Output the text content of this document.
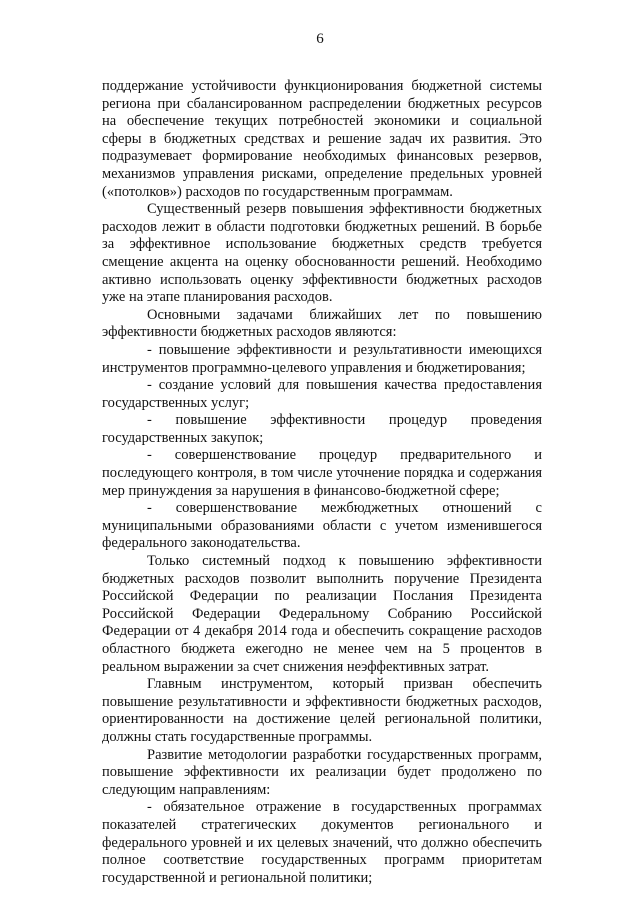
6

поддержание устойчивости функционирования бюджетной системы региона при сбалансированном распределении бюджетных ресурсов на обеспечение текущих потребностей экономики и социальной сферы в бюджетных средствах и решение задач их развития. Это подразумевает формирование необходимых финансовых резервов, механизмов управления рисками, определение предельных уровней («потолков») расходов по государственным программам.

Существенный резерв повышения эффективности бюджетных расходов лежит в области подготовки бюджетных решений. В борьбе за эффективное использование бюджетных средств требуется смещение акцента на оценку обоснованности решений. Необходимо активно использовать оценку эффективности бюджетных расходов уже на этапе планирования расходов.

Основными задачами ближайших лет по повышению эффективности бюджетных расходов являются:

- повышение эффективности и результативности имеющихся инструментов программно-целевого управления и бюджетирования;

- создание условий для повышения качества предоставления государственных услуг;

- повышение эффективности процедур проведения государственных закупок;

- совершенствование процедур предварительного и последующего контроля, в том числе уточнение порядка и содержания мер принуждения за нарушения в финансово-бюджетной сфере;

- совершенствование межбюджетных отношений с муниципальными образованиями области с учетом изменившегося федерального законодательства.

Только системный подход к повышению эффективности бюджетных расходов позволит выполнить поручение Президента Российской Федерации по реализации Послания Президента Российской Федерации Федеральному Собранию Российской Федерации от 4 декабря 2014 года и обеспечить сокращение расходов областного бюджета ежегодно не менее чем на 5 процентов в реальном выражении за счет снижения неэффективных затрат.

Главным инструментом, который призван обеспечить повышение результативности и эффективности бюджетных расходов, ориентированности на достижение целей региональной политики, должны стать государственные программы.

Развитие методологии разработки государственных программ, повышение эффективности их реализации будет продолжено по следующим направлениям:

- обязательное отражение в государственных программах показателей стратегических документов регионального и федерального уровней и их целевых значений, что должно обеспечить полное соответствие государственных программ приоритетам государственной и региональной политики;
